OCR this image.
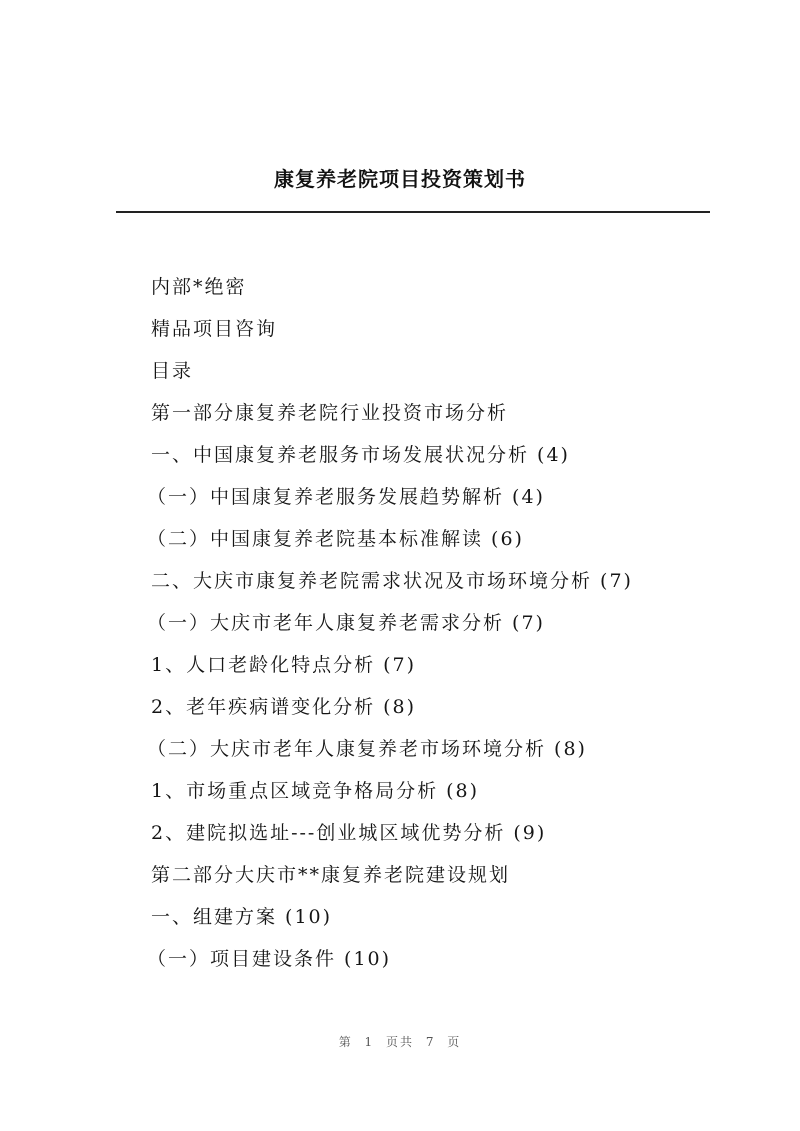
康复养老院项目投资策划书
内部*绝密
精品项目咨询
目录
第一部分康复养老院行业投资市场分析
一、中国康复养老服务市场发展状况分析 (4)
（一）中国康复养老服务发展趋势解析 (4)
（二）中国康复养老院基本标准解读 (6)
二、大庆市康复养老院需求状况及市场环境分析 (7)
（一）大庆市老年人康复养老需求分析 (7)
1、人口老龄化特点分析 (7)
2、老年疾病谱变化分析 (8)
（二）大庆市老年人康复养老市场环境分析 (8)
1、市场重点区域竞争格局分析 (8)
2、建院拟选址---创业城区域优势分析 (9)
第二部分大庆市**康复养老院建设规划
一、组建方案 (10)
（一）项目建设条件 (10)
第 1 页共 7 页
